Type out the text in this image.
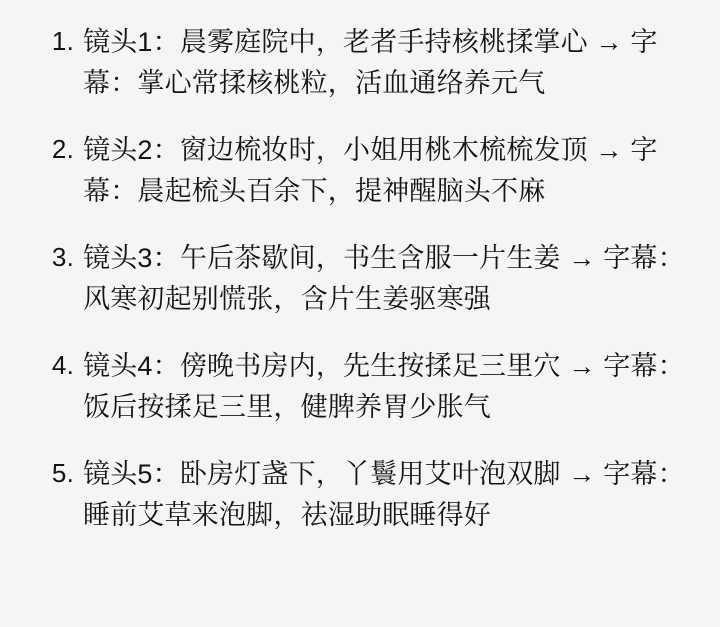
1. 镜头1：晨雾庭院中，老者手持核桃揉掌心 → 字幕：掌心常揉核桃粒，活血通络养元气
2. 镜头2：窗边梳妆时，小姐用桃木梳梳发顶 → 字幕：晨起梳头百余下，提神醒脑头不麻
3. 镜头3：午后茶歇间，书生含服一片生姜 → 字幕：风寒初起别慌张，含片生姜驱寒强
4. 镜头4：傍晚书房内，先生按揉足三里穴 → 字幕：饭后按揉足三里，健脾养胃少胀气
5. 镜头5：卧房灯盏下，丫鬟用艾叶泡双脚 → 字幕：睡前艾草来泡脚，祛湿助眠睡得好
